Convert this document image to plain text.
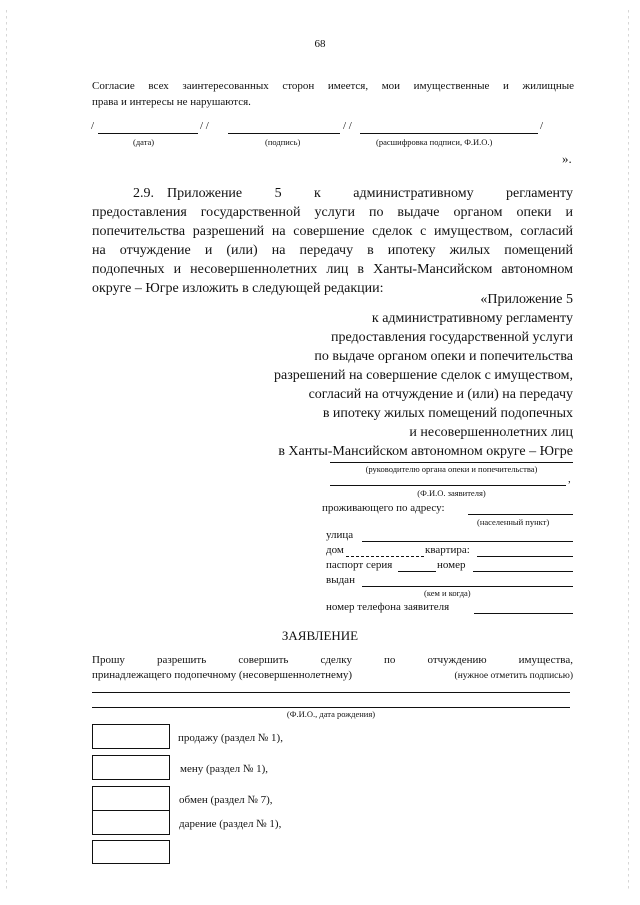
68
Согласие всех заинтересованных сторон имеется, мои имущественные и жилищные
права и интересы не нарушаются.
/	/ /	/ /	/
(дата)	(подпись)	(расшифровка подписи, Ф.И.О.)
».
2.9. Приложение 5 к административному регламенту
предоставления государственной услуги по выдаче органом опеки и
попечительства разрешений на совершение сделок с имуществом, согласий
на отчуждение и (или) на передачу в ипотеку жилых помещений
подопечных и несовершеннолетних лиц в Ханты-Мансийском автономном
округе – Югре изложить в следующей редакции:
«Приложение 5
к административному регламенту
предоставления государственной услуги
по выдаче органом опеки и попечительства
разрешений на совершение сделок с имуществом,
согласий на отчуждение и (или) на передачу
в ипотеку жилых помещений подопечных
и несовершеннолетних лиц
в Ханты-Мансийском автономном округе – Югре
(руководителю органа опеки и попечительства)
,
(Ф.И.О. заявителя)
проживающего по адресу:
(населенный пункт)
улица
дом	квартира:
паспорт серия	номер
выдан
(кем и когда)
номер телефона заявителя
ЗАЯВЛЕНИЕ
Прошу	разрешить	совершить	сделку	по	отчуждению	имущества,
принадлежащего подопечному (несовершеннолетнему)	(нужное отметить подписью)
(Ф.И.О., дата рождения)
продажу (раздел № 1),
мену (раздел № 1),
обмен (раздел № 7),
дарение (раздел № 1),
